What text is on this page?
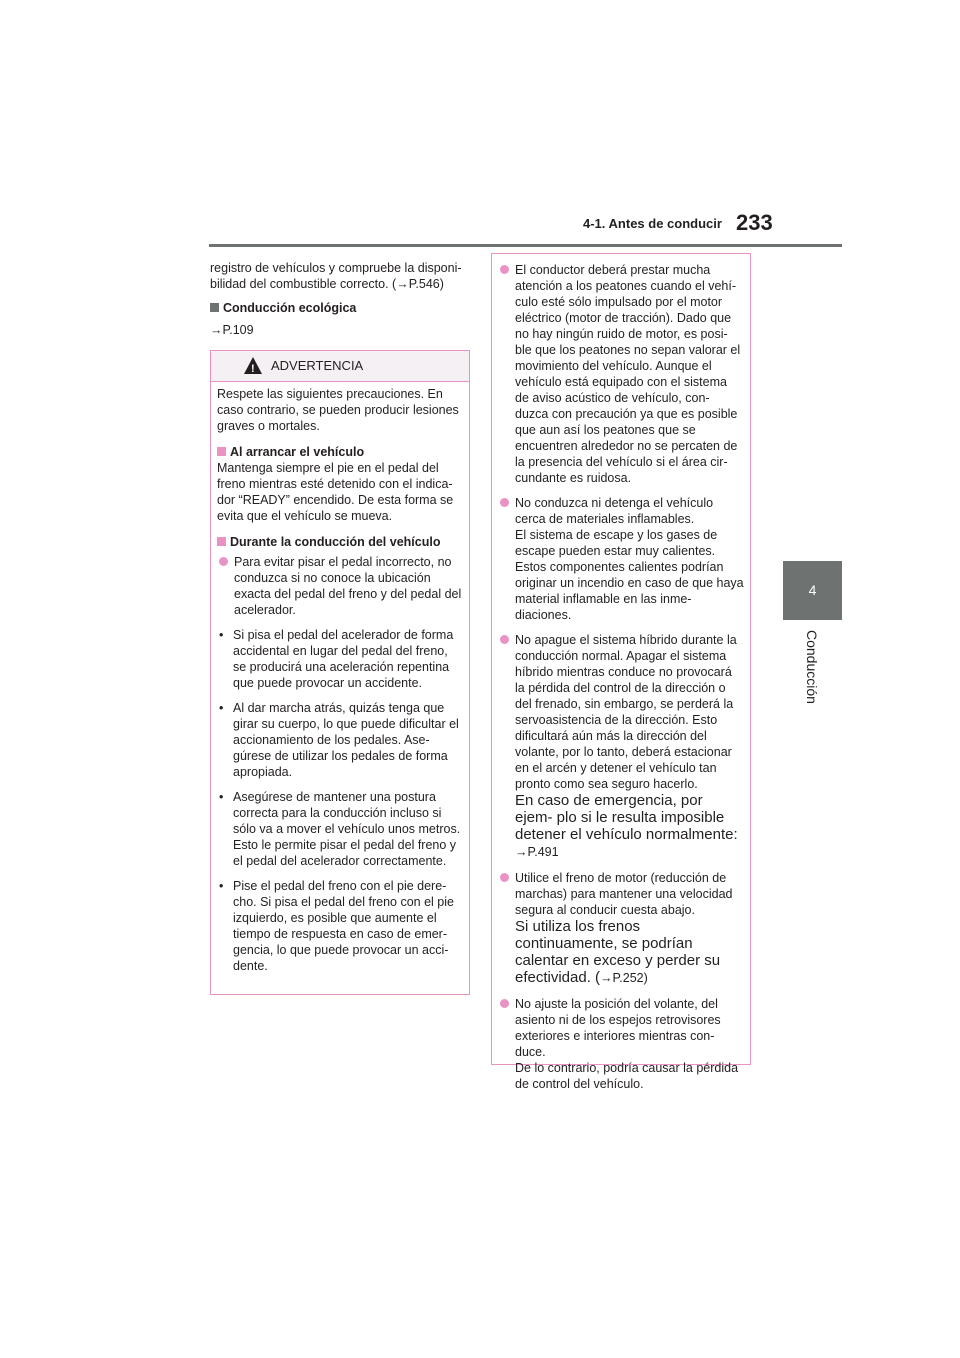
4-1. Antes de conducir 233
4
Conducción

registro de vehículos y compruebe la disponi- bilidad del combustible correcto. (→P.546)

Conducción ecológica

→P.109

! ADVERTENCIA

Respete las siguientes precauciones. En caso contrario, se pueden producir lesiones graves o mortales.

Al arrancar el vehículo

Mantenga siempre el pie en el pedal del freno mientras esté detenido con el indica- dor “READY” encendido. De esta forma se evita que el vehículo se mueva.

Durante la conducción del vehículo

Para evitar pisar el pedal incorrecto, no conduzca si no conoce la ubicación exacta del pedal del freno y del pedal del acelerador.
• Si pisa el pedal del acelerador de forma accidental en lugar del pedal del freno, se producirá una aceleración repentina que puede provocar un accidente.
• Al dar marcha atrás, quizás tenga que girar su cuerpo, lo que puede dificultar el accionamiento de los pedales. Ase- gúrese de utilizar los pedales de forma apropiada.
• Asegúrese de mantener una postura correcta para la conducción incluso si sólo va a mover el vehículo unos metros. Esto le permite pisar el pedal del freno y el pedal del acelerador correctamente.
• Pise el pedal del freno con el pie dere- cho. Si pisa el pedal del freno con el pie izquierdo, es posible que aumente el tiempo de respuesta en caso de emer- gencia, lo que puede provocar un acci- dente.
El conductor deberá prestar mucha atención a los peatones cuando el vehí- culo esté sólo impulsado por el motor eléctrico (motor de tracción). Dado que no hay ningún ruido de motor, es posi- ble que los peatones no sepan valorar el movimiento del vehículo. Aunque el vehículo está equipado con el sistema de aviso acústico de vehículo, con- duzca con precaución ya que es posible que aun así los peatones que se encuentren alrededor no se percaten de la presencia del vehículo si el área cir- cundante es ruidosa.
No conduzca ni detenga el vehículo cerca de materiales inflamables.
El sistema de escape y los gases de escape pueden estar muy calientes. Estos componentes calientes podrían originar un incendio en caso de que haya material inflamable en las inme- diaciones.
No apague el sistema híbrido durante la conducción normal. Apagar el sistema híbrido mientras conduce no provocará la pérdida del control de la dirección o del frenado, sin embargo, se perderá la servoasistencia de la dirección. Esto dificultará aún más la dirección del volante, por lo tanto, deberá estacionar en el arcén y detener el vehículo tan pronto como sea seguro hacerlo.
En caso de emergencia, por ejem- plo si le resulta imposible detener el vehículo normalmente: →P.491
Utilice el freno de motor (reducción de marchas) para mantener una velocidad segura al conducir cuesta abajo.
Si utiliza los frenos continuamente, se podrían calentar en exceso y perder su efectividad. (→P.252)
No ajuste la posición del volante, del asiento ni de los espejos retrovisores exteriores e interiores mientras con- duce.
De lo contrario, podría causar la pérdida de control del vehículo.
